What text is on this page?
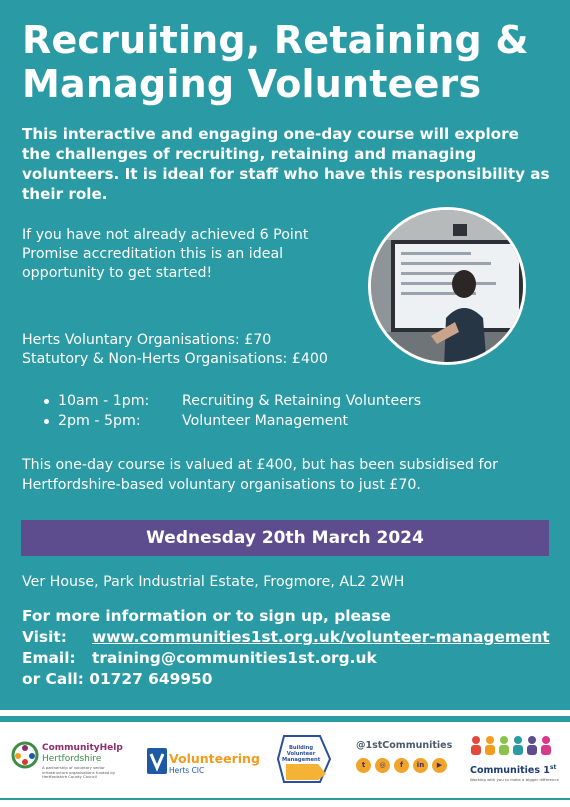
Recruiting, Retaining & Managing Volunteers
This interactive and engaging one-day course will explore the challenges of recruiting, retaining and managing volunteers. It is ideal for staff who have this responsibility as their role.
If you have not already achieved 6 Point Promise accreditation this is an ideal opportunity to get started!
Herts Voluntary Organisations: £70
Statutory & Non-Herts Organisations: £400
10am - 1pm: Recruiting & Retaining Volunteers
2pm - 5pm:	Volunteer Management
This one-day course is valued at £400, but has been subsidised for Hertfordshire-based voluntary organisations to just £70.
Wednesday 20th March 2024
Ver House, Park Industrial Estate, Frogmore, AL2 2WH
For more information or to sign up, please
Visit: www.communities1st.org.uk/volunteer-management
Email: training@communities1st.org.uk
or Call: 01727 649950
CommunityHelp
Hertfordshire
A partnership of voluntary sector infrastructure organisations funded by Hertfordshire County Council
Volunteering
Herts CIC
Building Volunteer Management
@1stCommunities
t	◎	f	in	▶
Communities 1st
Working with you to make a bigger difference
